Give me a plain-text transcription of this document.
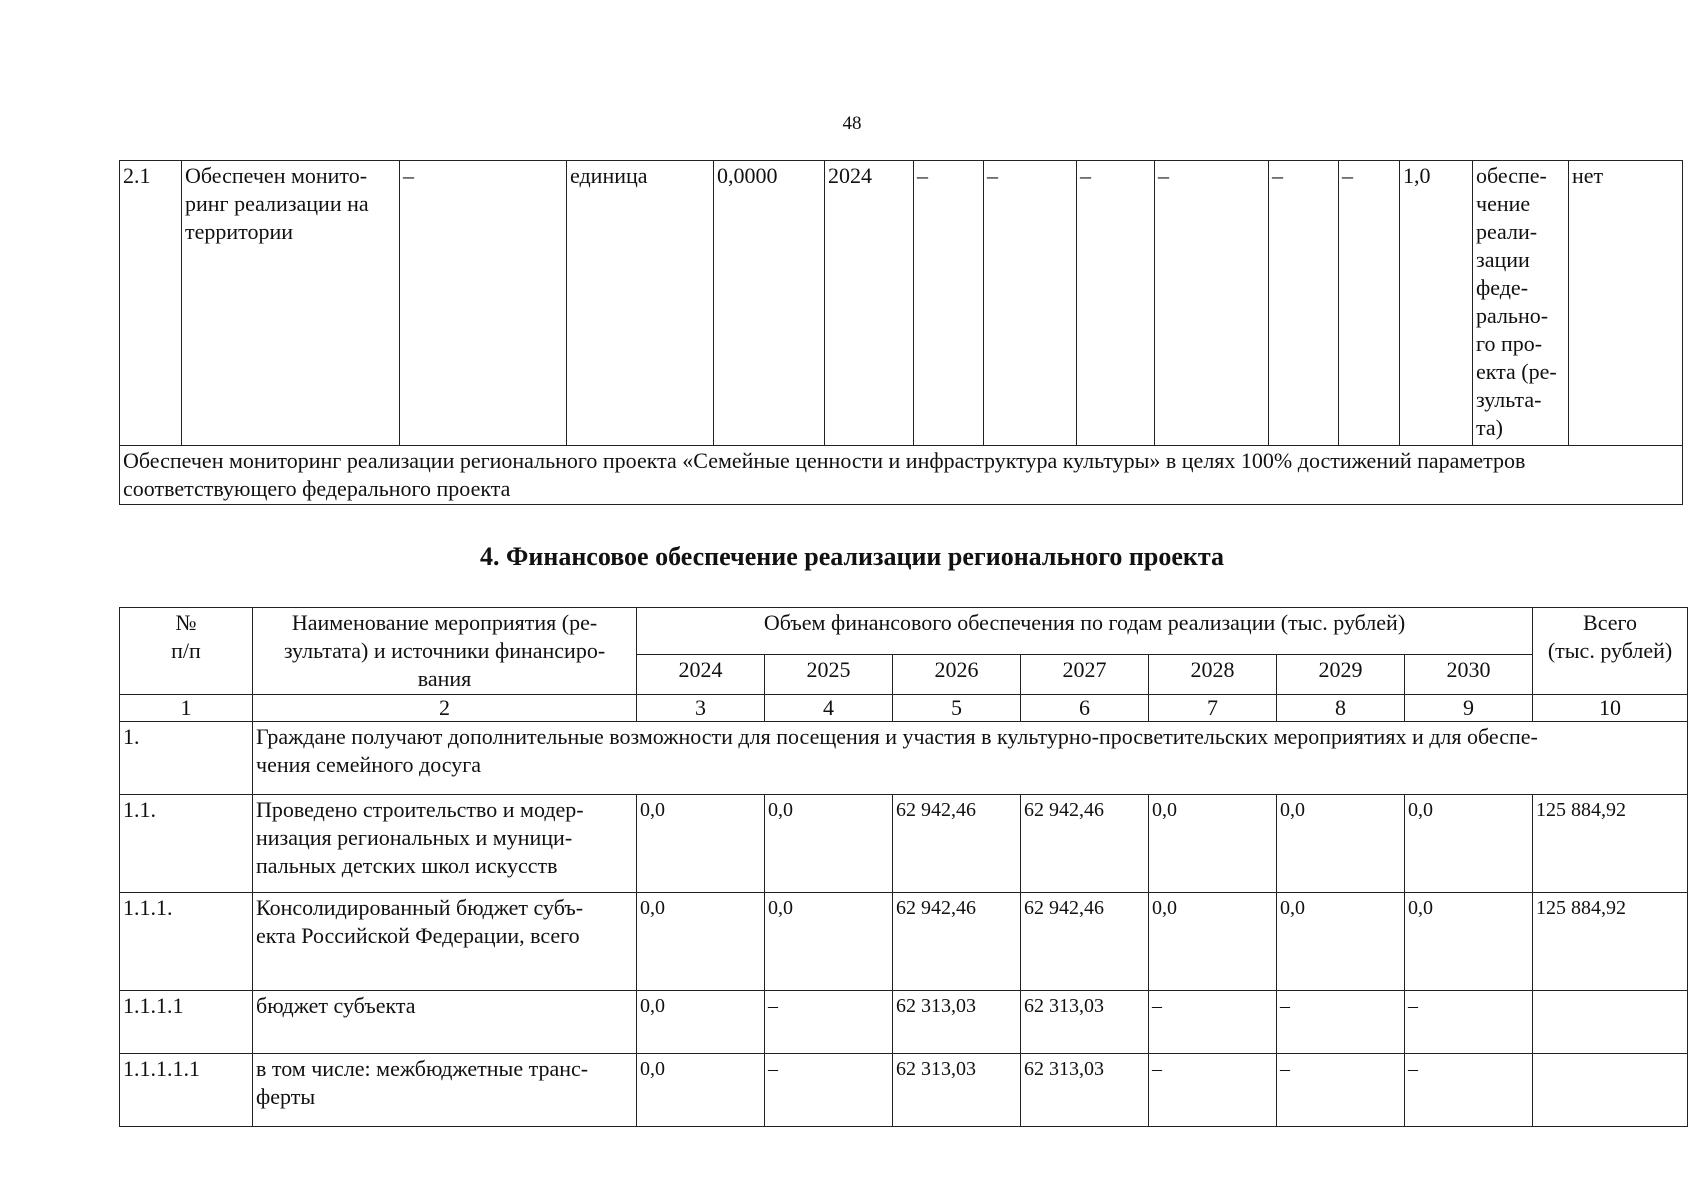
48
2.1	Обеспечен монито-
ринг реализации на
территории	–	единица	0,0000	2024	–	–	–	–	–	–	1,0	обеспе-
чение
реали-
зации
феде-
рально-
го про-
екта (ре-
зульта-
та)	нет
Обеспечен мониторинг реализации регионального проекта «Семейные ценности и инфраструктура культуры» в целях 100% достижений параметров соответствующего федерального проекта
4. Финансовое обеспечение реализации регионального проекта
№
п/п	Наименование мероприятия (ре-
зультата) и источники финансиро-
вания	Объем финансового обеспечения по годам реализации (тыс. рублей)							Всего
(тыс. рублей)
		2024	2025	2026	2027	2028	2029	2030	
1	2	3	4	5	6	7	8	9	10
1.	Граждане получают дополнительные возможности для посещения и участия в культурно-просветительских мероприятиях и для обеспе-
чения семейного досуга								
1.1.	Проведено строительство и модер-
низация региональных и муници-
пальных детских школ искусств	0,0	0,0	62 942,46	62 942,46	0,0	0,0	0,0	125 884,92
1.1.1.	Консолидированный бюджет субъ-
екта Российской Федерации, всего	0,0	0,0	62 942,46	62 942,46	0,0	0,0	0,0	125 884,92
1.1.1.1	бюджет субъекта	0,0	–	62 313,03	62 313,03	–	–	–	
1.1.1.1.1	в том числе: межбюджетные транс-
ферты	0,0	–	62 313,03	62 313,03	–	–	–	
